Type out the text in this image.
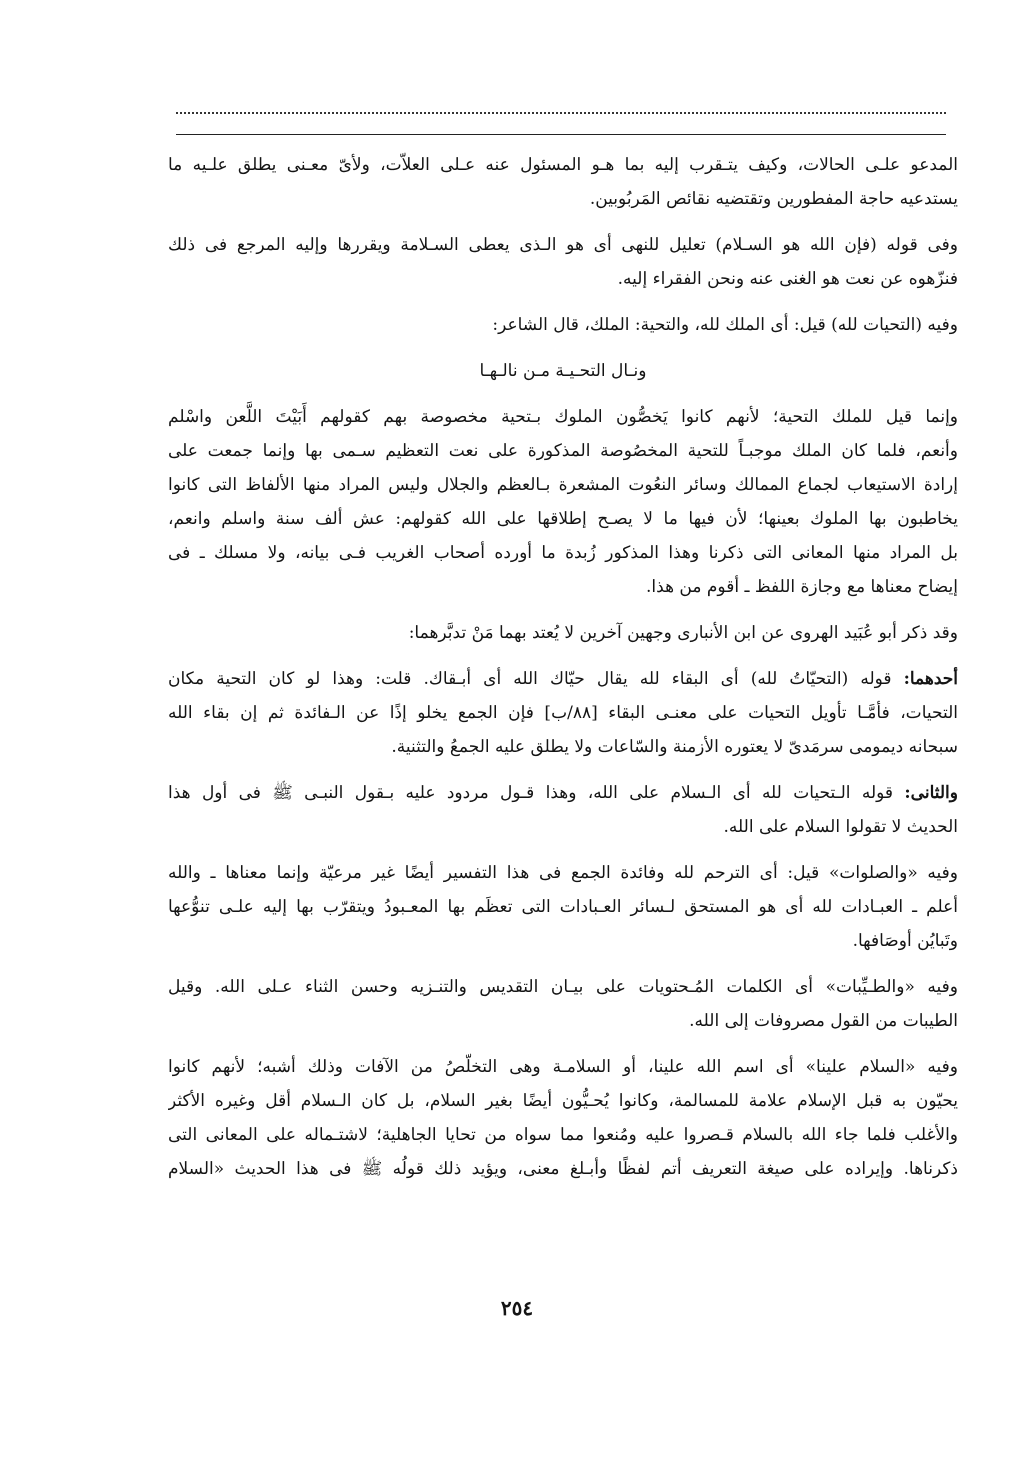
المدعو علـى الحالات، وكيف يتـقرب إليه بما هـو المسئول عنه عـلى العلاّت، ولأىّ معـنى يطلق علـيه ما
يستدعيه حاجة المفطورين وتقتضيه نقائص المَربُوبين.

وفى قوله (فإن الله هو السـلام) تعليل للنهى أى هو الـذى يعطى السـلامة ويقررها وإليه المرجع فى ذلك
فنزّهوه عن نعت هو الغنى عنه ونحن الفقراء إليه.

وفيه (التحيات لله) قيل: أى الملك لله، والتحية: الملك، قال الشاعر:

ونـال التحـيـة مـن نالـهـا

وإنما قيل للملك التحية؛ لأنهم كانوا يَخصُّون الملوك بـتحية مخصوصة بهم كقولهم أَبَيْتَ اللَّعن واسْلم
وأنعم، فلما كان الملك موجبـاً للتحية المخصُوصة المذكورة على نعت التعظيم سـمى بها وإنما جمعت على
إرادة الاستيعاب لجماع الممالك وسائر النعُوت المشعرة بـالعظم والجلال وليس المراد منها الألفاظ التى كانوا
يخاطبون بها الملوك بعينها؛ لأن فيها ما لا يصـح إطلاقها على الله كقولهم: عش ألف سنة واسلم وانعم،
بل المراد منها المعانى التى ذكرنا وهذا المذكور زُبدة ما أورده أصحاب الغريب فـى بيانه، ولا مسلك ـ فى
إيضاح معناها مع وجازة اللفظ ـ أقوم من هذا.

وقد ذكر أبو عُبَيد الهروى عن ابن الأنبارى وجهين آخرين لا يُعتد بهما مَنْ تدبَّرهما:

أحدهما: قوله (التحيّاتُ لله) أى البقاء لله يقال حيّاك الله أى أبـقاك. قلت: وهذا لو كان التحية مكان
التحيات، فأمَّـا تأويل التحيات على معنـى البقاء [٨٨/ب] فإن الجمع يخلو إذًا عن الـفائدة ثم إن بقاء الله
سبحانه ديمومى سرمَدىّ لا يعتوره الأزمنة والسّاعات ولا يطلق عليه الجمعُ والتثنية.

والثانى: قوله الـتحيات لله أى الـسلام على الله، وهذا قـول مردود عليه بـقول النبـى ﷺ فى أول هذا
الحديث لا تقولوا السلام على الله.

وفيه «والصلوات» قيل: أى الترحم لله وفائدة الجمع فى هذا التفسير أيضًا غير مرعيّة وإنما معناها ـ والله
أعلم ـ العبـادات لله أى هو المستحق لـسائر العـبادات التى تعظَم بها المعـبودُ ويتقرّب بها إليه علـى تنوُّعها
وتَبايُن أوصَافها.

وفيه «والطـيِّبات» أى الكلمات المُـحتويات على بيـان التقديس والتنـزيه وحسن الثناء عـلى الله. وقيل
الطيبات من القول مصروفات إلى الله.

وفيه «السلام علينا» أى اسم الله علينا، أو السلامـة وهى التخلّصُ من الآفات وذلك أشبه؛ لأنهم كانوا
يحيّون به قبل الإسلام علامة للمسالمة، وكانوا يُحـيُّون أيضًا بغير السلام، بل كان الـسلام أقل وغيره الأكثر
والأغلب فلما جاء الله بالسلام قـصروا عليه ومُنعوا مما سواه من تحايا الجاهلية؛ لاشتـماله على المعانى التى
ذكرناها. وإيراده على صيغة التعريف أتم لفظًا وأبـلغ معنى، ويؤيد ذلك قولُه ﷺ فى هذا الحديث «السلام

٢٥٤
